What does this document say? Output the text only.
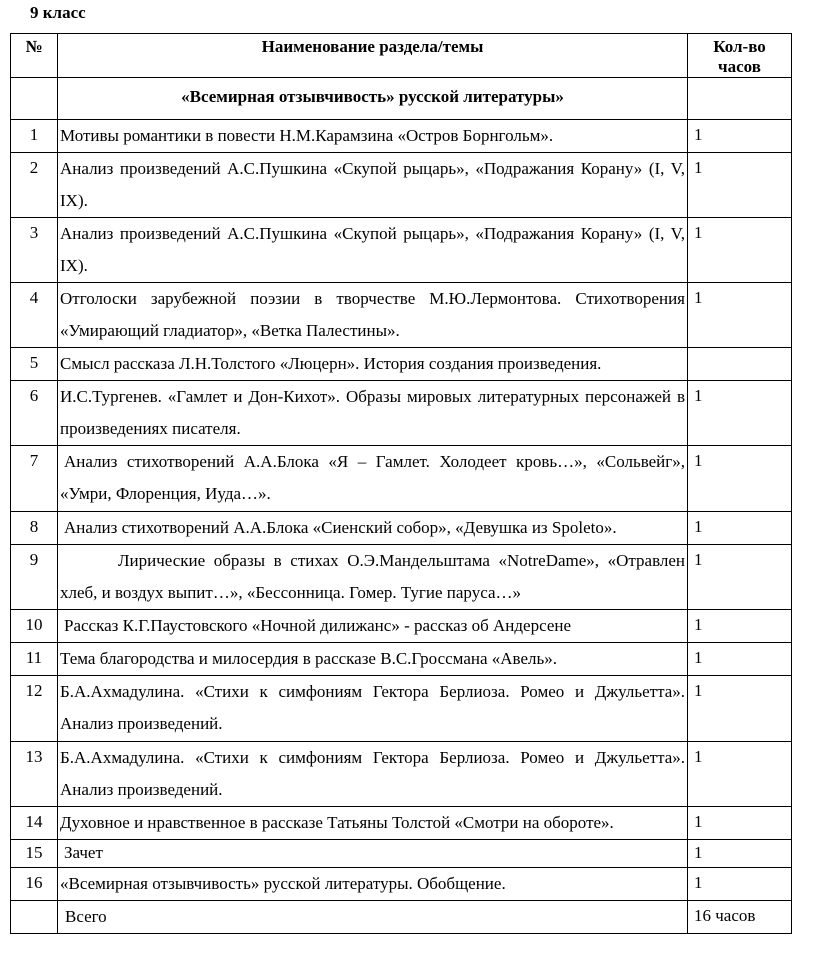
9 класс

№	Наименование раздела/темы	Кол-во часов
	«Всемирная отзывчивость» русской литературы»	
1	Мотивы романтики в повести Н.М.Карамзина «Остров Борнгольм».	1
2	Анализ произведений А.С.Пушкина «Скупой рыцарь», «Подражания Корану» (I, V, IX).	1
3	Анализ произведений А.С.Пушкина «Скупой рыцарь», «Подражания Корану» (I, V, IX).	1
4	Отголоски зарубежной поэзии в творчестве М.Ю.Лермонтова. Стихотворения «Умирающий гладиатор», «Ветка Палестины».	1
5	Смысл рассказа Л.Н.Толстого «Люцерн». История создания произведения.	
6	И.С.Тургенев. «Гамлет и Дон-Кихот». Образы мировых литературных персонажей в произведениях писателя.	1
7	Анализ стихотворений А.А.Блока «Я – Гамлет. Холодеет кровь…», «Сольвейг», «Умри, Флоренция, Иуда…».	1
8	Анализ стихотворений А.А.Блока «Сиенский собор», «Девушка из Spoleto».	1
9	Лирические образы в стихах О.Э.Мандельштама «NotreDame», «Отравлен хлеб, и воздух выпит…», «Бессонница. Гомер. Тугие паруса…»	1
10	Рассказ К.Г.Паустовского «Ночной дилижанс» - рассказ об Андерсене	1
11	Тема благородства и милосердия в рассказе В.С.Гроссмана «Авель».	1
12	Б.А.Ахмадулина. «Стихи к симфониям Гектора Берлиоза. Ромео и Джульетта». Анализ произведений.	1
13	Б.А.Ахмадулина. «Стихи к симфониям Гектора Берлиоза. Ромео и Джульетта». Анализ произведений.	1
14	Духовное и нравственное в рассказе Татьяны Толстой «Смотри на обороте».	1
15	Зачет	1
16	«Всемирная отзывчивость» русской литературы. Обобщение.	1
	Всего	16 часов
